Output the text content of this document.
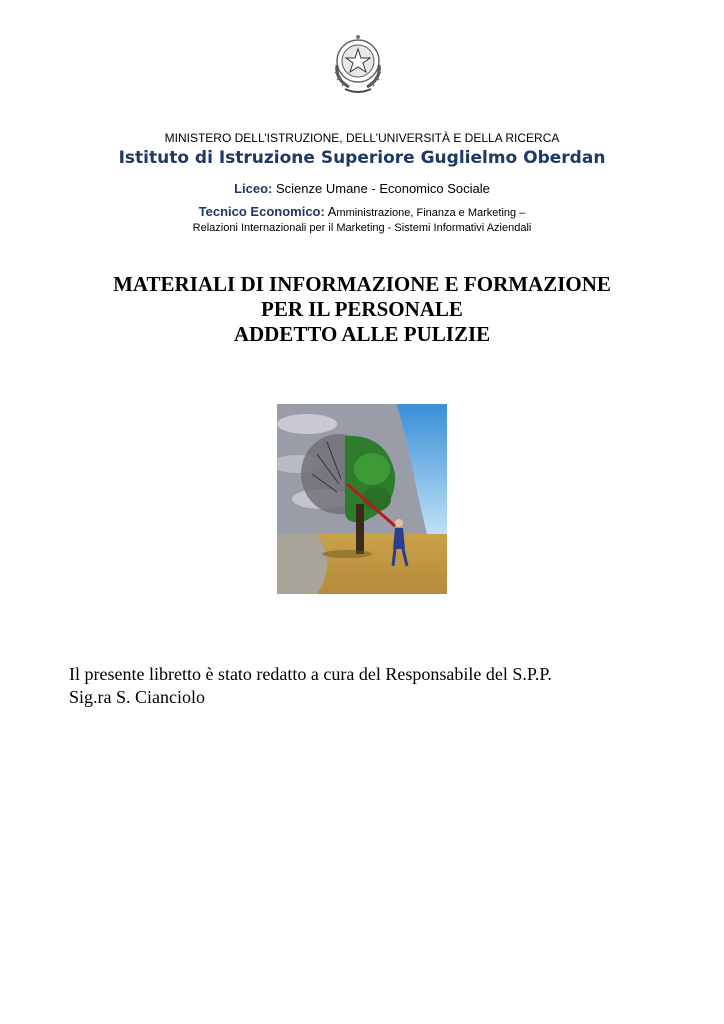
MINISTERO DELL’ISTRUZIONE, DELL’UNIVERSITÀ E DELLA RICERCA
Istituto di Istruzione Superiore Guglielmo Oberdan
Liceo: Scienze Umane - Economico Sociale
Tecnico Economico: Amministrazione, Finanza e Marketing –
Relazioni Internazionali per il Marketing - Sistemi Informativi Aziendali
MATERIALI DI INFORMAZIONE E FORMAZIONE
PER IL PERSONALE
ADDETTO ALLE PULIZIE
Il presente libretto è stato redatto a cura del Responsabile del S.P.P.
Sig.ra S. Cianciolo
